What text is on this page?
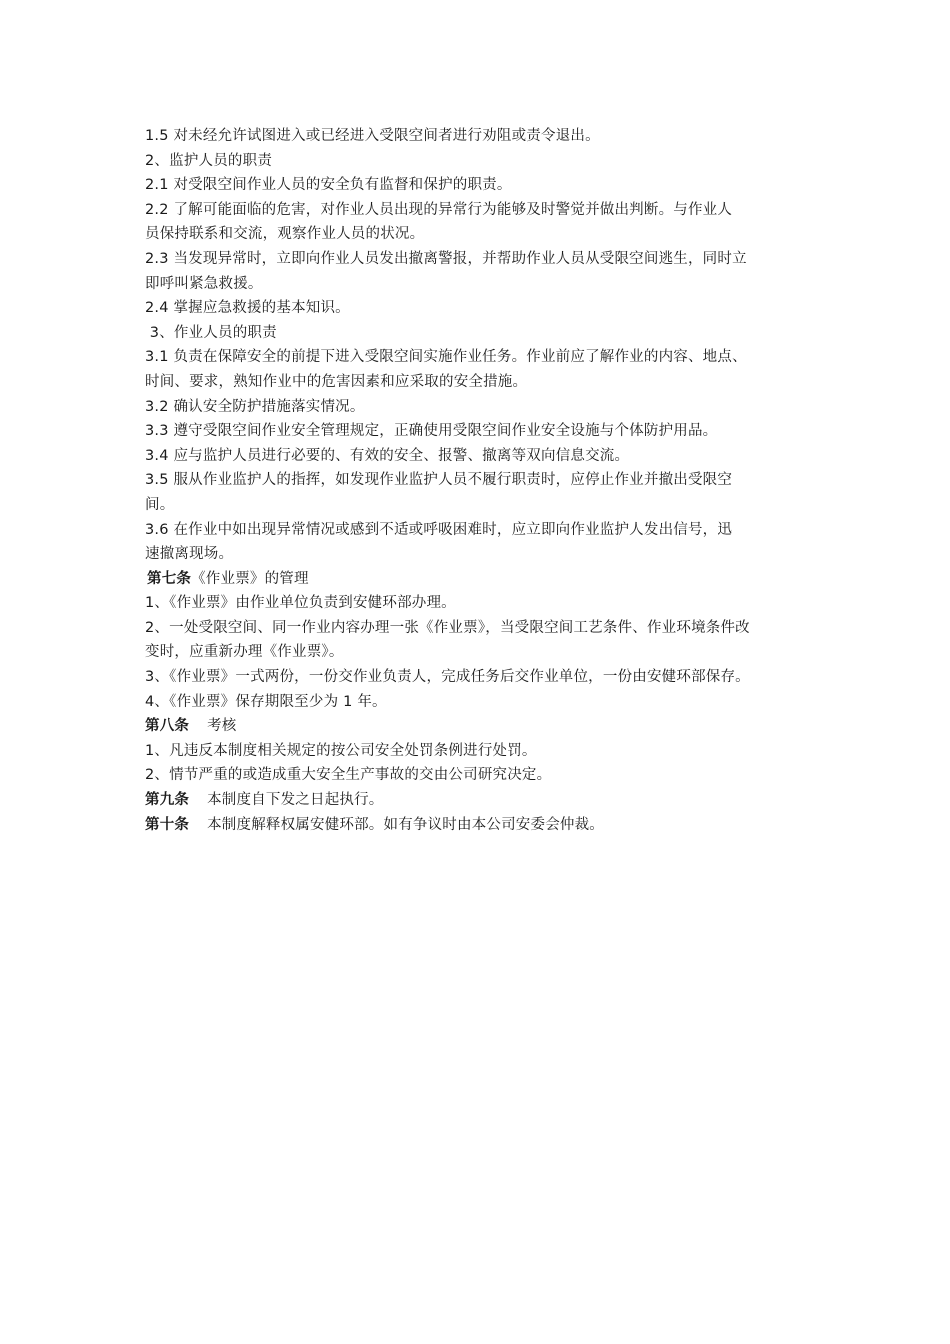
1.5 对未经允许试图进入或已经进入受限空间者进行劝阻或责令退出。
2、监护人员的职责
2.1 对受限空间作业人员的安全负有监督和保护的职责。
2.2 了解可能面临的危害，对作业人员出现的异常行为能够及时警觉并做出判断。与作业人
员保持联系和交流，观察作业人员的状况。
2.3 当发现异常时，立即向作业人员发出撤离警报，并帮助作业人员从受限空间逃生，同时立
即呼叫紧急救援。
2.4 掌握应急救援的基本知识。
3、作业人员的职责
3.1 负责在保障安全的前提下进入受限空间实施作业任务。作业前应了解作业的内容、地点、
时间、要求，熟知作业中的危害因素和应采取的安全措施。
3.2 确认安全防护措施落实情况。
3.3 遵守受限空间作业安全管理规定，正确使用受限空间作业安全设施与个体防护用品。
3.4 应与监护人员进行必要的、有效的安全、报警、撤离等双向信息交流。
3.5 服从作业监护人的指挥，如发现作业监护人员不履行职责时，应停止作业并撤出受限空
间。
3.6 在作业中如出现异常情况或感到不适或呼吸困难时，应立即向作业监护人发出信号，迅
速撤离现场。
第七条《作业票》的管理
1、《作业票》由作业单位负责到安健环部办理。
2、一处受限空间、同一作业内容办理一张《作业票》，当受限空间工艺条件、作业环境条件改
变时，应重新办理《作业票》。
3、《作业票》一式两份，一份交作业负责人，完成任务后交作业单位，一份由安健环部保存。
4、《作业票》保存期限至少为 1 年。
第八条 考核
1、凡违反本制度相关规定的按公司安全处罚条例进行处罚。
2、情节严重的或造成重大安全生产事故的交由公司研究决定。
第九条 本制度自下发之日起执行。
第十条 本制度解释权属安健环部。如有争议时由本公司安委会仲裁。
